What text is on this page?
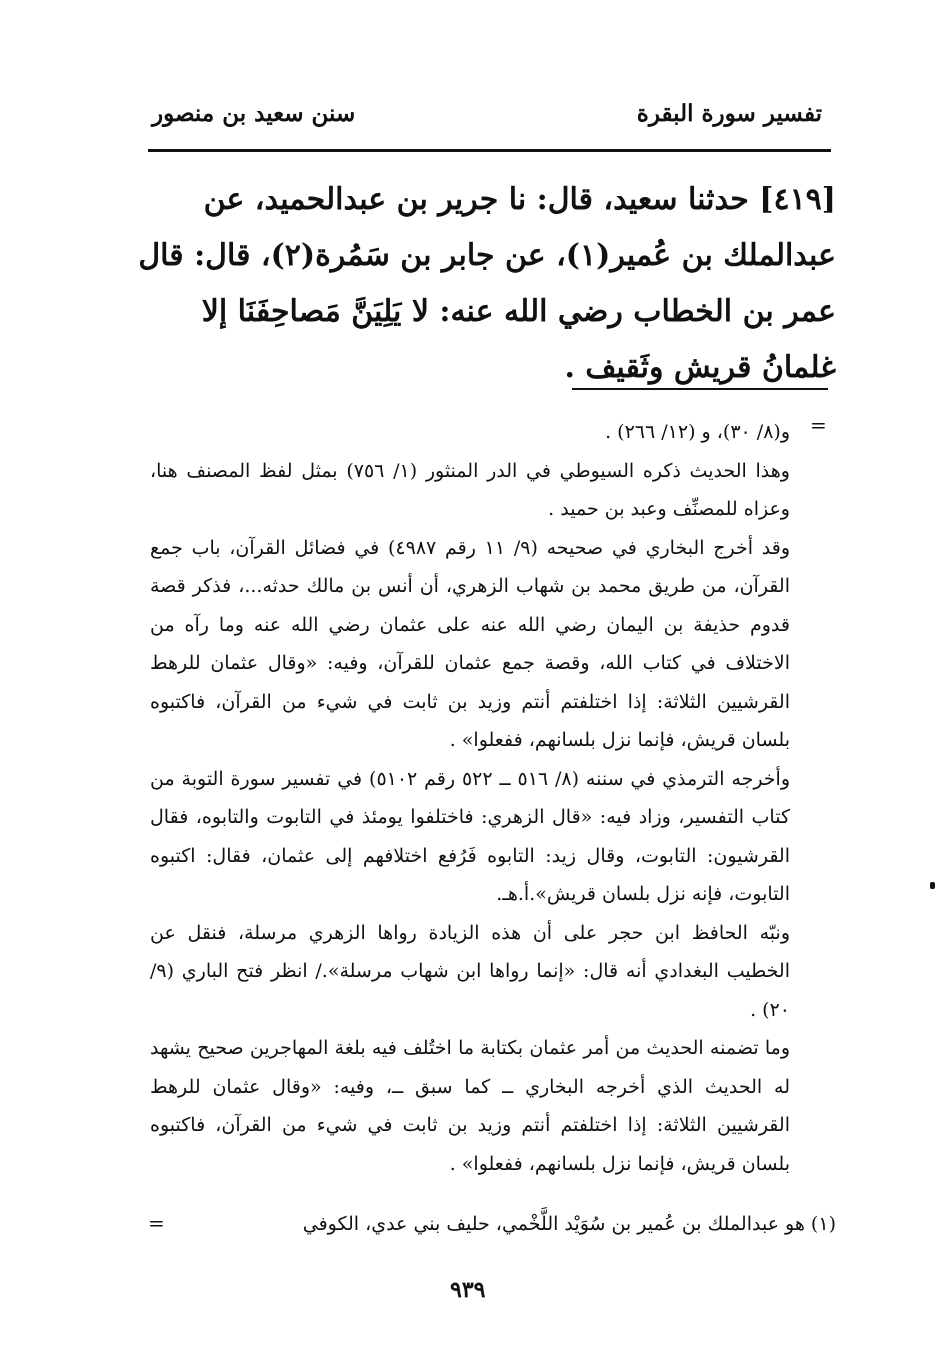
تفسير سورة البقرة
سنن سعيد بن منصور
[٤١٩] حدثنا سعيد، قال: نا جرير بن عبدالحميد، عن عبدالملك بن عُمير(١)، عن جابر بن سَمُرة(٢)، قال: قال عمر بن الخطاب رضي الله عنه: لا يَلِيَنَّ مَصاحِفَنَا إلا غلمانُ قريش وثَقيف .
=

و(٨/ ٣٠)، و (١٢/ ٢٦٦) .

وهذا الحديث ذكره السيوطي في الدر المنثور (١/ ٧٥٦) بمثل لفظ المصنف هنا، وعزاه للمصنِّف وعبد بن حميد .

وقد أخرج البخاري في صحيحه (٩/ ١١ رقم ٤٩٨٧) في فضائل القرآن، باب جمع القرآن، من طريق محمد بن شهاب الزهري، أن أنس بن مالك حدثه...، فذكر قصة قدوم حذيفة بن اليمان رضي الله عنه على عثمان رضي الله عنه وما رآه من الاختلاف في كتاب الله، وقصة جمع عثمان للقرآن، وفيه: «وقال عثمان للرهط القرشيين الثلاثة: إذا اختلفتم أنتم وزيد بن ثابت في شيء من القرآن، فاكتبوه بلسان قريش، فإنما نزل بلسانهم، ففعلوا» .

وأخرجه الترمذي في سننه (٨/ ٥١٦ ــ ٥٢٢ رقم ٥١٠٢) في تفسير سورة التوبة من كتاب التفسير، وزاد فيه: «قال الزهري: فاختلفوا يومئذ في التابوت والتابوه، فقال القرشيون: التابوت، وقال زيد: التابوه فَرُفع اختلافهم إلى عثمان، فقال: اكتبوه التابوت، فإنه نزل بلسان قريش».أ.هـ.

ونبّه الحافظ ابن حجر على أن هذه الزيادة رواها الزهري مرسلة، فنقل عن الخطيب البغدادي أنه قال: «إنما رواها ابن شهاب مرسلة»./ انظر فتح الباري (٩/ ٢٠) .

وما تضمنه الحديث من أمر عثمان بكتابة ما اختُلف فيه بلغة المهاجرين صحيح يشهد له الحديث الذي أخرجه البخاري ــ كما سبق ــ، وفيه: «وقال عثمان للرهط القرشيين الثلاثة: إذا اختلفتم أنتم وزيد بن ثابت في شيء من القرآن، فاكتبوه بلسان قريش، فإنما نزل بلسانهم، ففعلوا» .

(١) هو عبدالملك بن عُمير بن سُوَيْد اللَّخْمي، حليف بني عدي، الكوفي
=
٩٣٩
